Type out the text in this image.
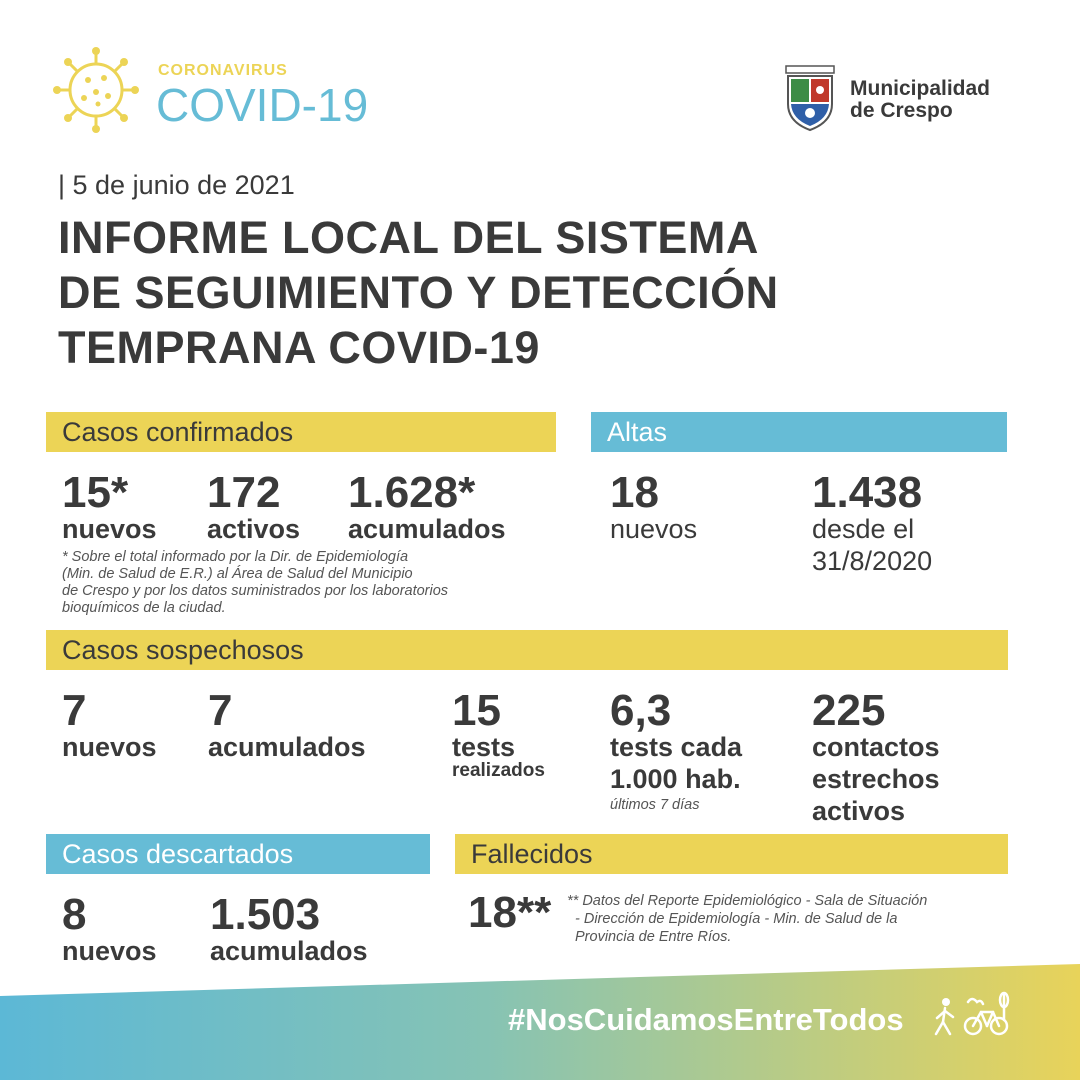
CORONAVIRUS
COVID-19	Municipalidad
de Crespo
| 5 de junio de 2021
INFORME LOCAL DEL SISTEMA
DE SEGUIMIENTO Y DETECCIÓN
TEMPRANA COVID-19
Casos confirmados
15*
nuevos
172
activos
1.628*
acumulados
* Sobre el total informado por la Dir. de Epidemiología
(Min. de Salud de E.R.) al Área de Salud del Municipio
de Crespo y por los datos suministrados por los laboratorios
bioquímicos de la ciudad.
Altas
18
nuevos
1.438
desde el
31/8/2020
Casos sospechosos
7
nuevos
7
acumulados
15
tests
realizados
6,3
tests cada
1.000 hab.
últimos 7 días
225
contactos
estrechos
activos
Casos descartados
8
nuevos
1.503
acumulados
Fallecidos
18** ** Datos del Reporte Epidemiológico - Sala de Situación
- Dirección de Epidemiología - Min. de Salud de la
Provincia de Entre Ríos.
#NosCuidamosEntreTodos
